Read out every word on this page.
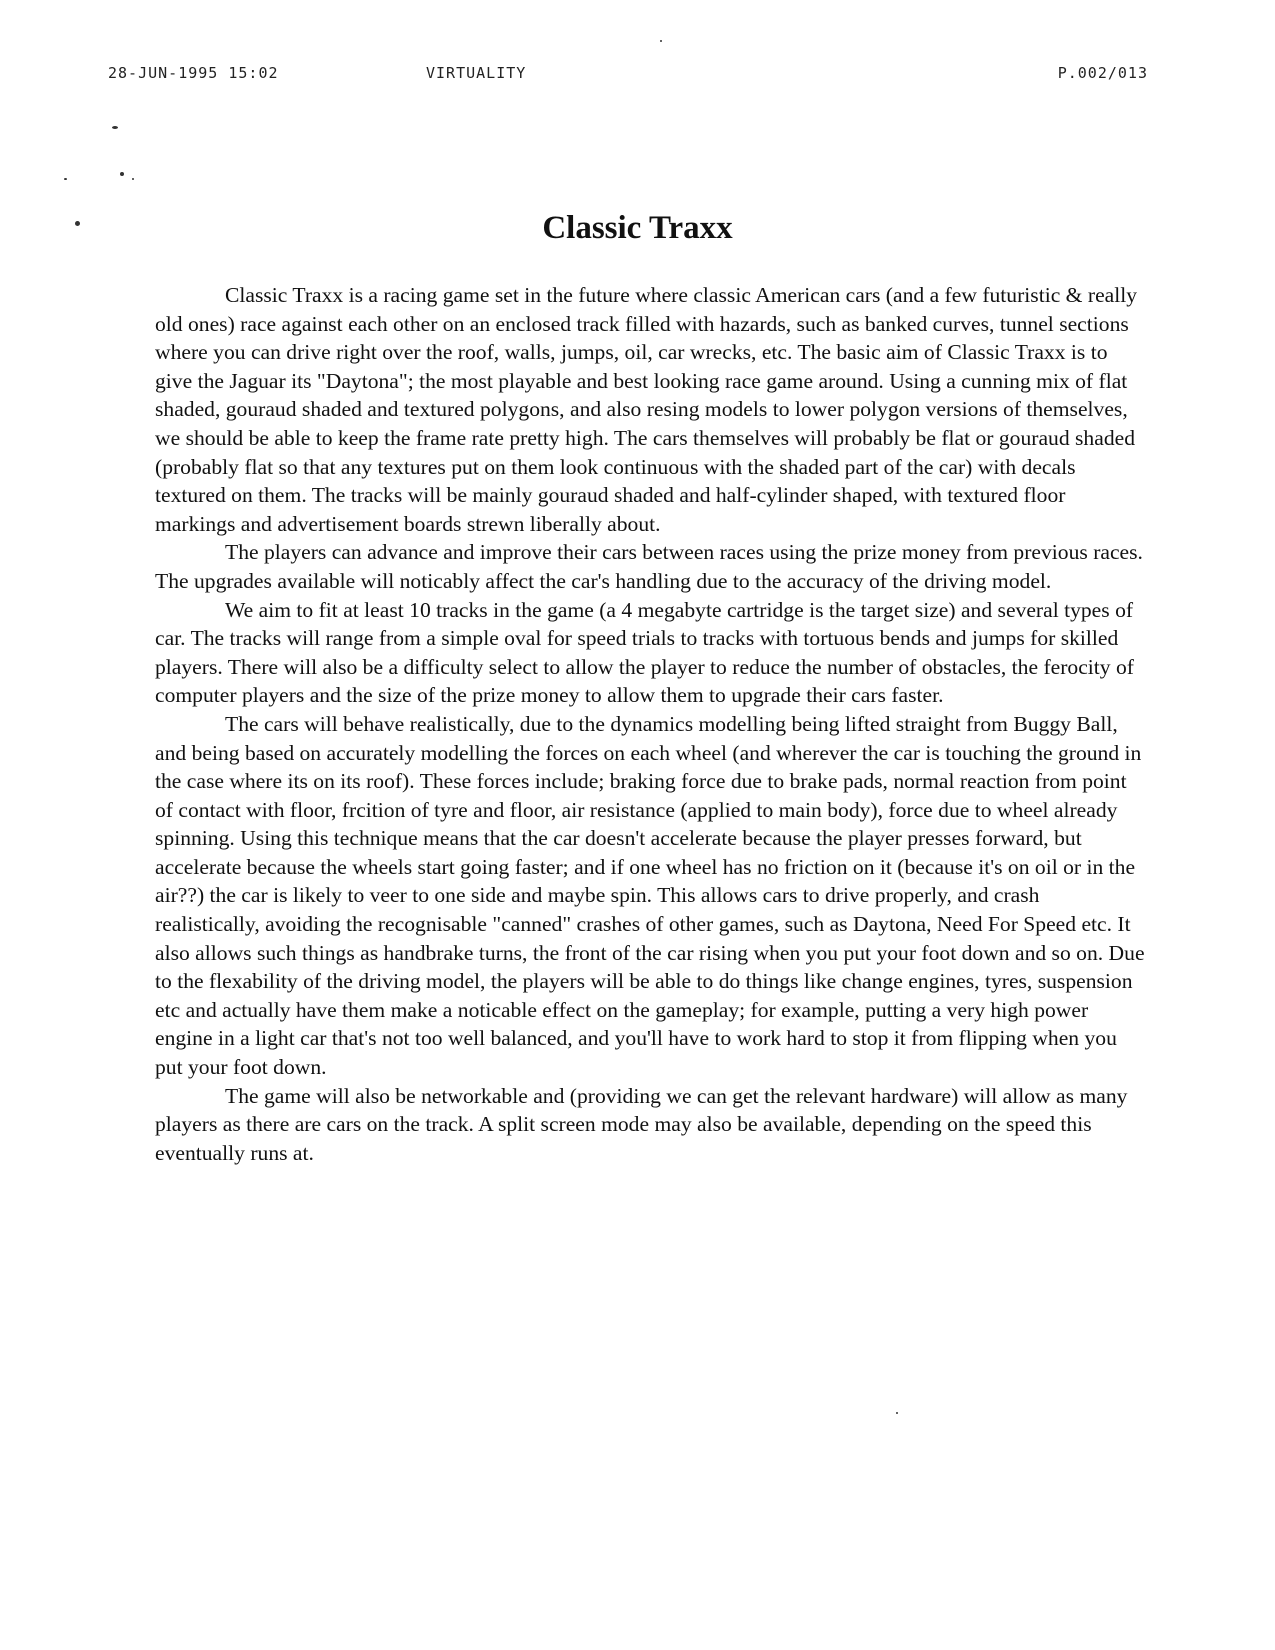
28-JUN-1995 15:02	VIRTUALITY	P.002/013
Classic Traxx

Classic Traxx is a racing game set in the future where classic American cars (and a few futuristic & really old ones) race against each other on an enclosed track filled with hazards, such as banked curves, tunnel sections where you can drive right over the roof, walls, jumps, oil, car wrecks, etc. The basic aim of Classic Traxx is to give the Jaguar its "Daytona"; the most playable and best looking race game around. Using a cunning mix of flat shaded, gouraud shaded and textured polygons, and also resing models to lower polygon versions of themselves, we should be able to keep the frame rate pretty high. The cars themselves will probably be flat or gouraud shaded (probably flat so that any textures put on them look continuous with the shaded part of the car) with decals textured on them. The tracks will be mainly gouraud shaded and half-cylinder shaped, with textured floor markings and advertisement boards strewn liberally about.

The players can advance and improve their cars between races using the prize money from previous races. The upgrades available will noticably affect the car's handling due to the accuracy of the driving model.

We aim to fit at least 10 tracks in the game (a 4 megabyte cartridge is the target size) and several types of car. The tracks will range from a simple oval for speed trials to tracks with tortuous bends and jumps for skilled players. There will also be a difficulty select to allow the player to reduce the number of obstacles, the ferocity of computer players and the size of the prize money to allow them to upgrade their cars faster.

The cars will behave realistically, due to the dynamics modelling being lifted straight from Buggy Ball, and being based on accurately modelling the forces on each wheel (and wherever the car is touching the ground in the case where its on its roof). These forces include; braking force due to brake pads, normal reaction from point of contact with floor, frcition of tyre and floor, air resistance (applied to main body), force due to wheel already spinning. Using this technique means that the car doesn't accelerate because the player presses forward, but accelerate because the wheels start going faster; and if one wheel has no friction on it (because it's on oil or in the air??) the car is likely to veer to one side and maybe spin. This allows cars to drive properly, and crash realistically, avoiding the recognisable "canned" crashes of other games, such as Daytona, Need For Speed etc. It also allows such things as handbrake turns, the front of the car rising when you put your foot down and so on. Due to the flexability of the driving model, the players will be able to do things like change engines, tyres, suspension etc and actually have them make a noticable effect on the gameplay; for example, putting a very high power engine in a light car that's not too well balanced, and you'll have to work hard to stop it from flipping when you put your foot down.

The game will also be networkable and (providing we can get the relevant hardware) will allow as many players as there are cars on the track. A split screen mode may also be available, depending on the speed this eventually runs at.
